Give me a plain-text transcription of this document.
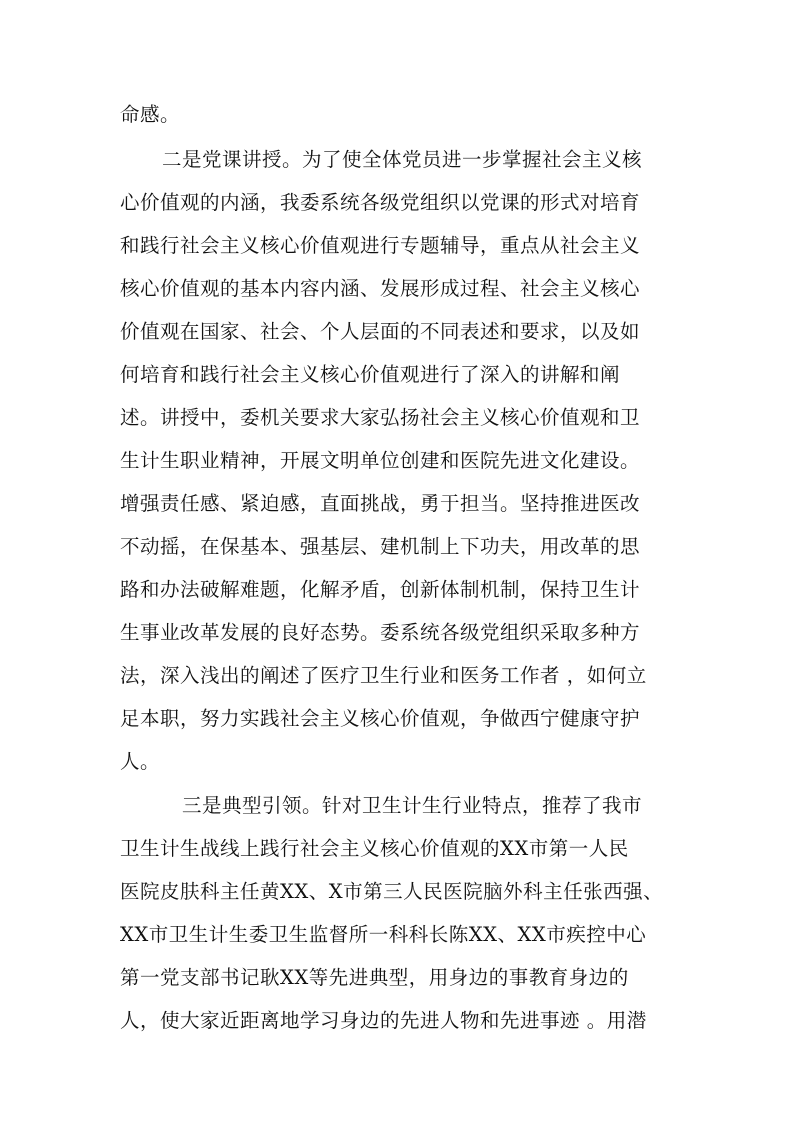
命感。
二是党课讲授。为了使全体党员进一步掌握社会主义核
心价值观的内涵，我委系统各级党组织以党课的形式对培育
和践行社会主义核心价值观进行专题辅导，重点从社会主义
核心价值观的基本内容内涵、发展形成过程、社会主义核心
价值观在国家、社会、个人层面的不同表述和要求，以及如
何培育和践行社会主义核心价值观进行了深入的讲解和阐
述。讲授中，委机关要求大家弘扬社会主义核心价值观和卫
生计生职业精神，开展文明单位创建和医院先进文化建设。
增强责任感、紧迫感，直面挑战，勇于担当。坚持推进医改
不动摇，在保基本、强基层、建机制上下功夫，用改革的思
路和办法破解难题，化解矛盾，创新体制机制，保持卫生计
生事业改革发展的良好态势。委系统各级党组织采取多种方
法，深入浅出的阐述了医疗卫生行业和医务工作者 ，如何立
足本职，努力实践社会主义核心价值观，争做西宁健康守护
人。
三是典型引领。针对卫生计生行业特点，推荐了我市
卫生计生战线上践行社会主义核心价值观的XX市第一人民
医院皮肤科主任黄XX、X市第三人民医院脑外科主任张西强、
XX市卫生计生委卫生监督所一科科长陈XX、XX市疾控中心
第一党支部书记耿XX等先进典型，用身边的事教育身边的
人，使大家近距离地学习身边的先进人物和先进事迹 。用潜
